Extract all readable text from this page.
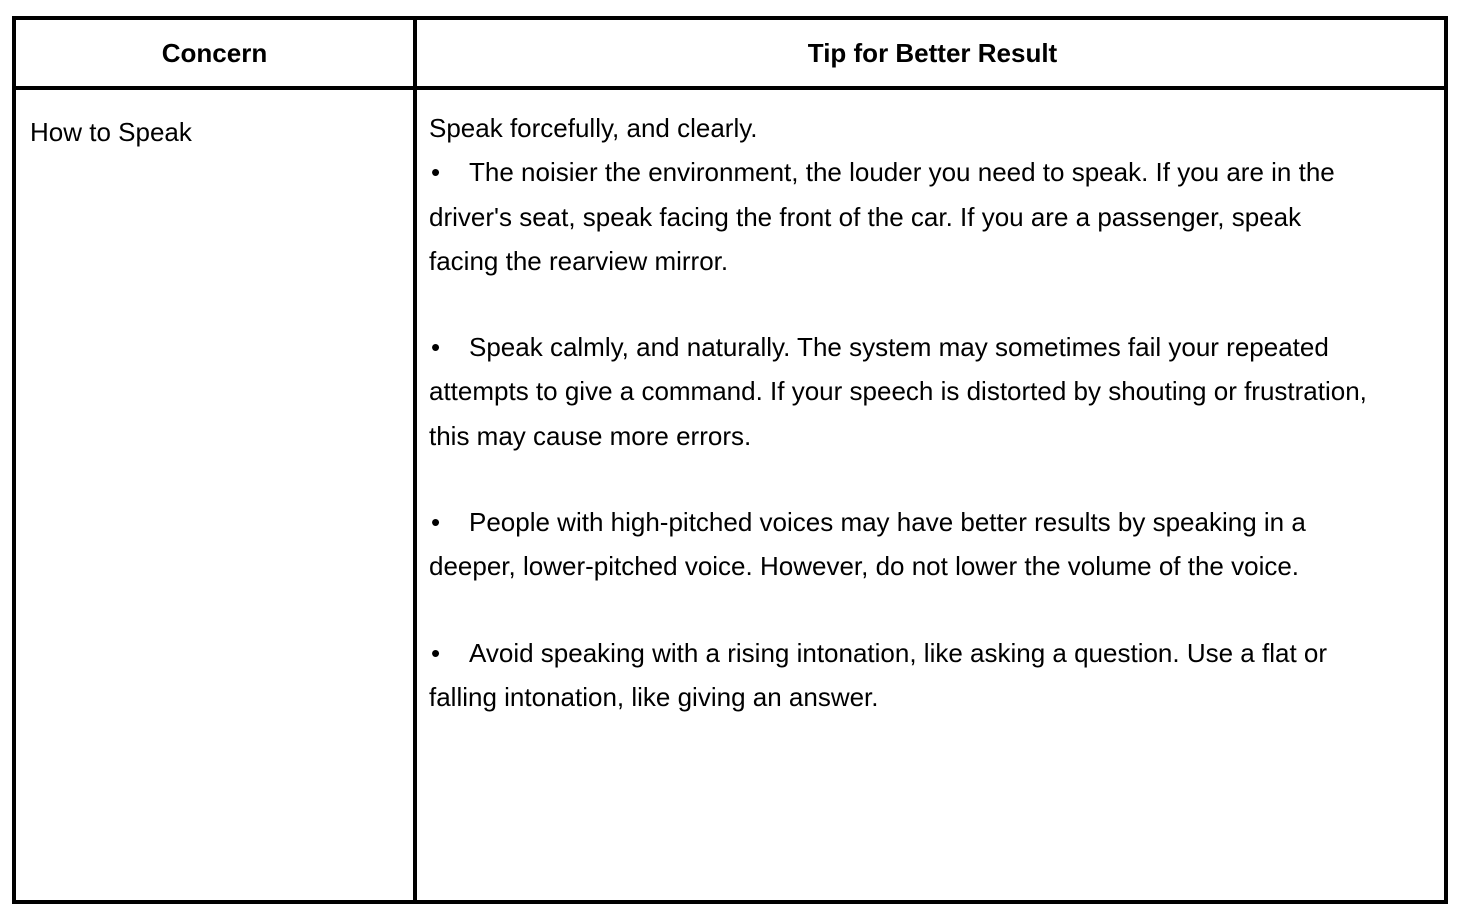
Concern	Tip for Better Result
How to Speak	Speak forcefully, and clearly.

• The noisier the environment, the louder you need to speak. If you are in the driver's seat, speak facing the front of the car. If you are a passenger, speak facing the rearview mirror.

• Speak calmly, and naturally. The system may sometimes fail your repeated attempts to give a command. If your speech is distorted by shouting or frustration, this may cause more errors.

• People with high-pitched voices may have better results by speaking in a deeper, lower-pitched voice. However, do not lower the volume of the voice.

• Avoid speaking with a rising intonation, like asking a question. Use a flat or falling intonation, like giving an answer.
